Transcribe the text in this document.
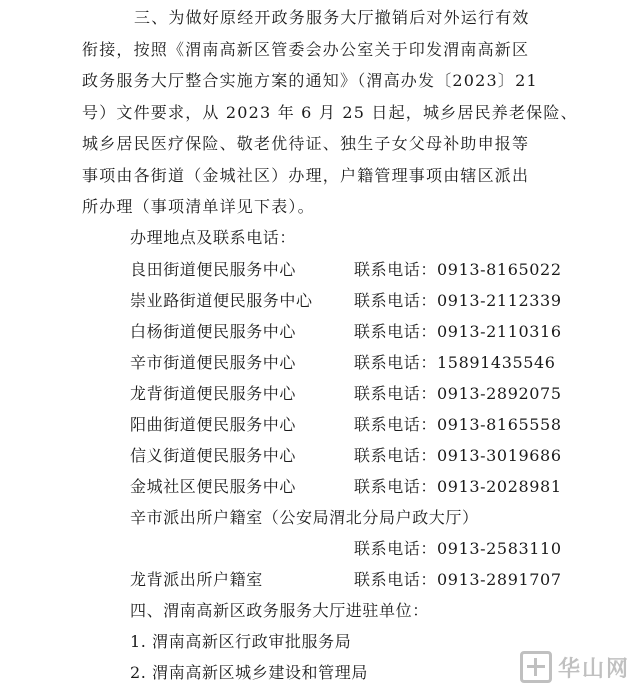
三、为做好原经开政务服务大厅撤销后对外运行有效
衔接，按照《渭南高新区管委会办公室关于印发渭南高新区
政务服务大厅整合实施方案的通知》（渭高办发〔2023〕21
号）文件要求，从 2023 年 6 月 25 日起，城乡居民养老保险、
城乡居民医疗保险、敬老优待证、独生子女父母补助申报等
事项由各街道（金城社区）办理，户籍管理事项由辖区派出
所办理（事项清单详见下表）。
办理地点及联系电话：
良田街道便民服务中心	联系电话：0913-8165022
崇业路街道便民服务中心	联系电话：0913-2112339
白杨街道便民服务中心	联系电话：0913-2110316
辛市街道便民服务中心	联系电话：15891435546
龙背街道便民服务中心	联系电话：0913-2892075
阳曲街道便民服务中心	联系电话：0913-8165558
信义街道便民服务中心	联系电话：0913-3019686
金城社区便民服务中心	联系电话：0913-2028981
辛市派出所户籍室（公安局渭北分局户政大厅）
联系电话：0913-2583110
龙背派出所户籍室	联系电话：0913-2891707
四、渭南高新区政务服务大厅进驻单位：
1. 渭南高新区行政审批服务局
2. 渭南高新区城乡建设和管理局	华山网
